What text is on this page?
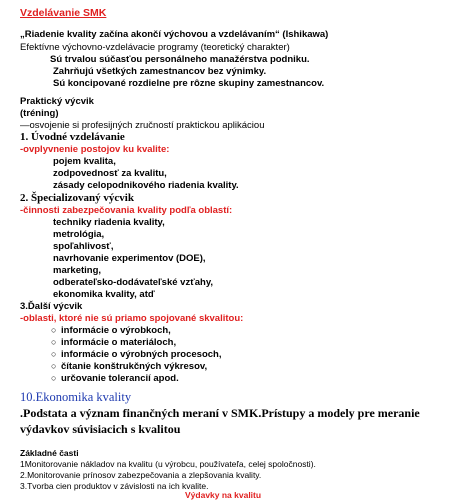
Vzdelávanie SMK
„Riadenie kvality začína akončí výchovou a vzdelávaním“ (Ishikawa)
Efektívne výchovno-vzdelávacie programy (teoretický charakter)
Sú trvalou súčasťou personálneho manažérstva podniku.
Zahrňujú všetkých zamestnancov bez výnimky.
Sú koncipované rozdielne pre rôzne skupiny zamestnancov.
Praktický výcvik
(tréning)
—osvojenie si profesijných zručností praktickou aplikáciou
1. Úvodné vzdelávanie
-ovplyvnenie postojov ku kvalite:
pojem kvalita,
zodpovednosť za kvalitu,
zásady celopodnikového riadenia kvality.
2. Špecializovaný výcvik
-činnosti zabezpečovania kvality podľa oblastí:
techniky riadenia kvality,
metrológia,
spoľahlivosť,
navrhovanie experimentov (DOE),
marketing,
odberateľsko-dodávateľské vzťahy,
ekonomika kvality, atď
3.Ďalší výcvik
-oblasti, ktoré nie sú priamo spojované skvalitou:
○ informácie o výrobkoch,
○ informácie o materiáloch,
○ informácie o výrobných procesoch,
○ čítanie konštrukčných výkresov,
○ určovanie tolerancií apod.
10.Ekonomika kvality
.Podstata a význam finančných meraní v SMK.Prístupy a modely pre meranie
výdavkov súvisiacich s kvalitou
Základné časti
1Monitorovanie nákladov na kvalitu (u výrobcu, používateľa, celej spoločnosti).
2.Monitorovanie prínosov zabezpečovania a zlepšovania kvality.
3.Tvorba cien produktov v závislosti na ich kvalite.
Výdavky na kvalitu
